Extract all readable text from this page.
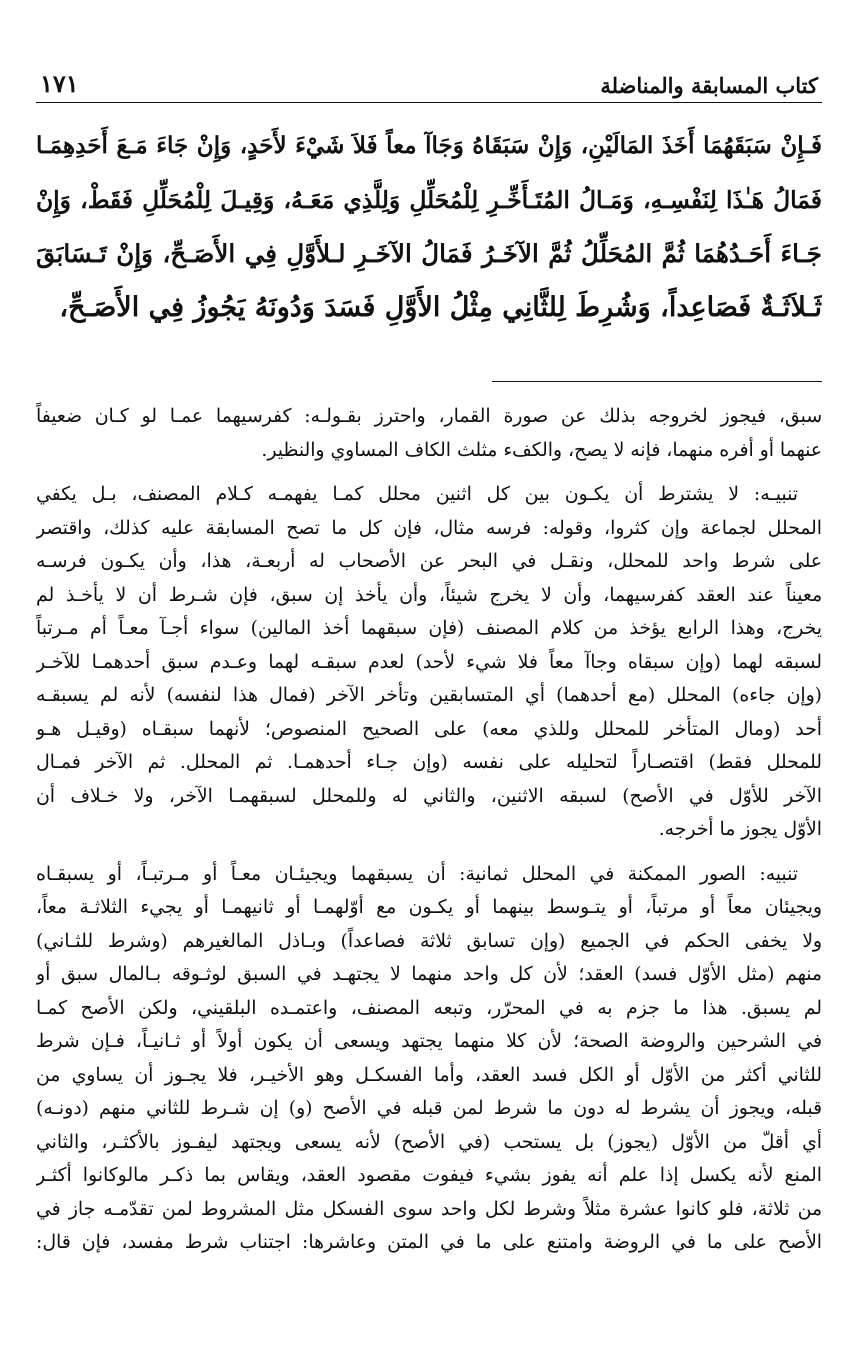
كتاب المسابقة والمناضلة
١٧١

فَـإِنْ سَبَقَهُمَا أَخَذَ المَالَيْنِ، وَإِنْ سَبَقَاهُ وَجَاآ معاً فَلاَ شَيْءَ لأَحَدٍ، وَإِنْ جَاءَ مَـعَ أَحَدِهِمَـا

فَمَالُ هَـٰذَا لِنَفْسِـهِ، وَمَـالُ المُتَـأَخِّـرِ لِلْمُحَلِّلِ وَلِلَّذِي مَعَـهُ، وَقِيـلَ لِلْمُحَلِّلِ فَقَطْ، وَإِنْ

جَـاءَ أَحَـدُهُمَا ثُمَّ المُحَلِّلُ ثُمَّ الآخَـرُ فَمَالُ الآخَـرِ لـلأَوَّلِ فِي الأَصَـحِّ، وَإِنْ تَـسَابَقَ

ثَـلاَثَـةٌ فَصَاعِداً، وَشُرِطَ لِلثَّانِي مِثْلُ الأَوَّلِ فَسَدَ وَدُونَهُ يَجُوزُ فِي الأَصَـحِّ،

سبق، فيجوز لخروجه بذلك عن صورة القمار، واحترز بقـولـه: كفرسيهما عمـا لو كـان ضعيفاً

عنهما أو أفره منهما، فإنه لا يصح، والكفء مثلث الكاف المساوي والنظير.

تنبيـه: لا يشترط أن يكـون بين كل اثنين محلل كمـا يفهمـه كـلام المصنف، بـل يكفي

المحلل لجماعة وإن كثروا، وقوله: فرسه مثال، فإن كل ما تصح المسابقة عليه كذلك، واقتصر

على شرط واحد للمحلل، ونقـل في البحر عن الأصحاب له أربعـة، هذا، وأن يكـون فرسـه

معيناً عند العقد كفرسيهما، وأن لا يخرج شيئاً، وأن يأخذ إن سبق، فإن شـرط أن لا يأخـذ لم

يخرج، وهذا الرابع يؤخذ من كلام المصنف (فإن سبقهما أخذ المالين) سواء أجـآ معـاً أم مـرتباً

لسبقه لهما (وإن سبقاه وجاآ معاً فلا شيء لأحد) لعدم سبقـه لهما وعـدم سبق أحدهمـا للآخـر

(وإن جاءه) المحلل (مع أحدهما) أي المتسابقين وتأخر الآخر (فمال هذا لنفسه) لأنه لم يسبقـه

أحد (ومال المتأخر للمحلل وللذي معه) على الصحيح المنصوص؛ لأنهما سبقـاه (وقيـل هـو

للمحلل فقط) اقتصـاراً لتحليله على نفسه (وإن جـاء أحدهمـا. ثم المحلل. ثم الآخر فمـال

الآخر للأوّل في الأصح) لسبقه الاثنين، والثاني له وللمحلل لسبقهمـا الآخر، ولا خـلاف أن

الأوّل يجوز ما أخرجه.

تنبيه: الصور الممكنة في المحلل ثمانية: أن يسبقهما ويجيئـان معـاً أو مـرتبـاً، أو يسبقـاه

ويجيئان معاً أو مرتباً، أو يتـوسط بينهما أو يكـون مع أوّلهمـا أو ثانيهمـا أو يجيء الثلاثـة معاً،

ولا يخفى الحكم في الجميع (وإن تسابق ثلاثة فصاعداً) وبـاذل المالغيرهم (وشرط للثـاني)

منهم (مثل الأوّل فسد) العقد؛ لأن كل واحد منهما لا يجتهـد في السبق لوثـوقه بـالمال سبق أو

لم يسبق. هذا ما جزم به في المحرّر، وتبعه المصنف، واعتمـده البلقيني، ولكن الأصح كمـا

في الشرحين والروضة الصحة؛ لأن كلا منهما يجتهد ويسعى أن يكون أولاً أو ثـانيـاً، فـإن شرط

للثاني أكثر من الأوّل أو الكل فسد العقد، وأما الفسكـل وهو الأخيـر، فلا يجـوز أن يساوي من

قبله، ويجوز أن يشرط له دون ما شرط لمن قبله في الأصح (و) إن شـرط للثاني منهم (دونـه)

أي أقلّ من الأوّل (يجوز) بل يستحب (في الأصح) لأنه يسعى ويجتهد ليفـوز بالأكثـر، والثاني

المنع لأنه يكسل إذا علم أنه يفوز بشيء فيفوت مقصود العقد، ويقاس بما ذكـر مالوكانوا أكثـر

من ثلاثة، فلو كانوا عشرة مثلاً وشرط لكل واحد سوى الفسكل مثل المشروط لمن تقدّمـه جاز في

الأصح على ما في الروضة وامتنع على ما في المتن وعاشرها: اجتناب شرط مفسد، فإن قال:
